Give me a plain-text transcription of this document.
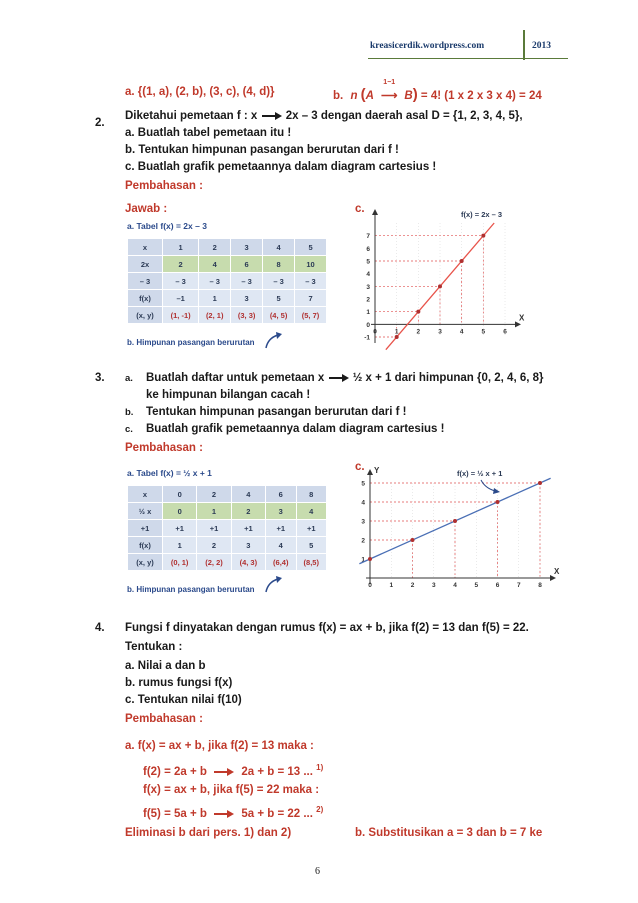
kreasicerdik.wordpress.com	2013
a. {(1, a), (2, b), (3, c), (4, d)}	b. n (A
1−1
⟶ B) = 4! (1 x 2 x 3 x 4) = 24
2.
Diketahui pemetaan f : x 2x – 3 dengan daerah asal D = {1, 2, 3, 4, 5},
a. Buatlah tabel pemetaan itu !
b. Tentukan himpunan pasangan berurutan dari f !
c. Buatlah grafik pemetaannya dalam diagram cartesius !
Pembahasan :
Jawab :	c.
a. Tabel f(x) = 2x – 3
x	1	2	3	4	5
2x	2	4	6	8	10
– 3	– 3	– 3	– 3	– 3	– 3
f(x)	–1	1	3	5	7
(x, y)	(1, -1)	(2, 1)	(3, 3)	(4, 5)	(5, 7)
b. Himpunan pasangan berurutan
X
0	1	2	3	4	5	6
-1
0
1
2
3
4
5
6
7
f(x) = 2x – 3
3. a. Buatlah daftar untuk pemetaan x ½ x + 1 dari himpunan {0, 2, 4, 6, 8}
ke himpunan bilangan cacah !
b. Tentukan himpunan pasangan berurutan dari f !
c. Buatlah grafik pemetaannya dalam diagram cartesius !
Pembahasan :
c.
a. Tabel f(x) = ½ x + 1
x	0	2	4	6	8
½ x	0	1	2	3	4
+1	+1	+1	+1	+1	+1
f(x)	1	2	3	4	5
(x, y)	(0, 1)	(2, 2)	(4, 3)	(6,4)	(8,5)
b. Himpunan pasangan berurutan
X
Y
0	1	2	3	4	5	6	7	8
1
2
3
4
5
f(x) = ½ x + 1
4. Fungsi f dinyatakan dengan rumus f(x) = ax + b, jika f(2) = 13 dan f(5) = 22.
Tentukan :
a. Nilai a dan b
b. rumus fungsi f(x)
c. Tentukan nilai f(10)
Pembahasan :
a. f(x) = ax + b, jika f(2) = 13 maka :
f(2) = 2a + b	2a + b = 13 ... $^{1)}$
f(x) = ax + b, jika f(5) = 22 maka :
f(5) = 5a + b	5a + b = 22 ... $^{2)}$
Eliminasi b dari pers. 1) dan 2)	b. Substitusikan a = 3 dan b = 7 ke
6
